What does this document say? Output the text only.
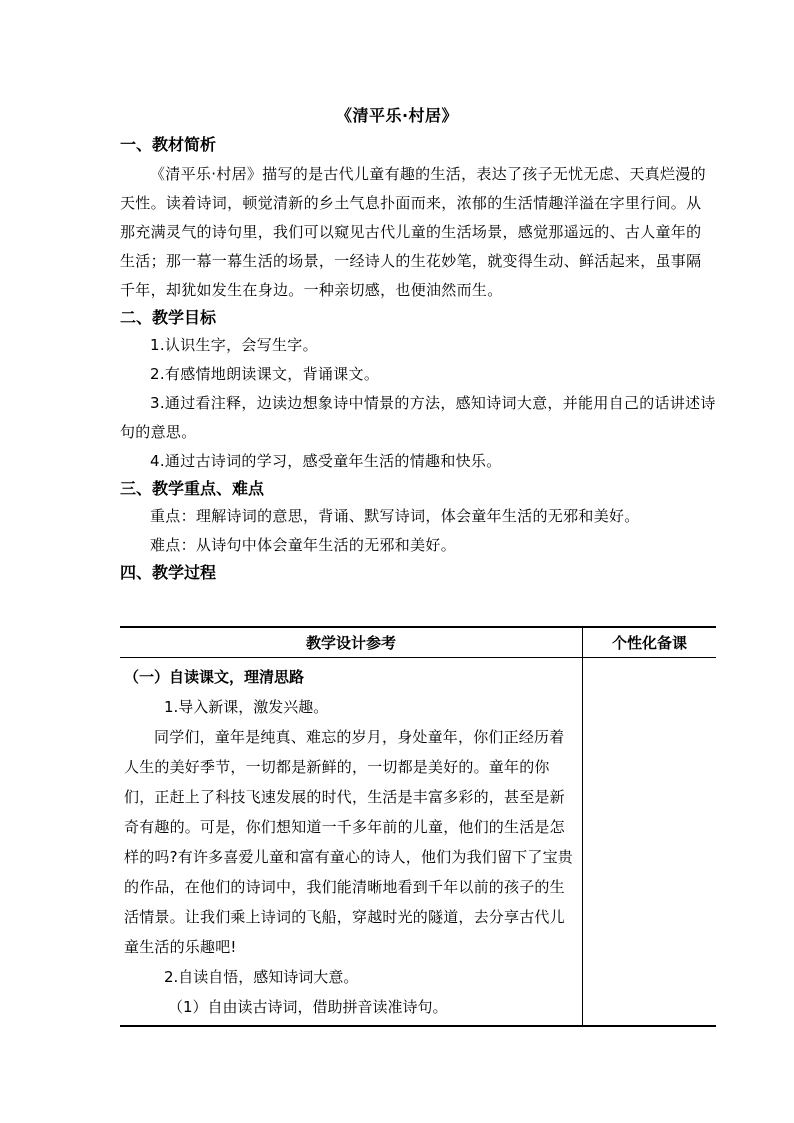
《清平乐·村居》

一、教材简析

《清平乐·村居》描写的是古代儿童有趣的生活，表达了孩子无忧无虑、天真烂漫的天性。读着诗词，顿觉清新的乡土气息扑面而来，浓郁的生活情趣洋溢在字里行间。从那充满灵气的诗句里，我们可以窥见古代儿童的生活场景，感觉那遥远的、古人童年的生活；那一幕一幕生活的场景，一经诗人的生花妙笔，就变得生动、鲜活起来，虽事隔千年，却犹如发生在身边。一种亲切感，也便油然而生。

二、教学目标

1.认识生字，会写生字。

2.有感情地朗读课文，背诵课文。

3.通过看注释，边读边想象诗中情景的方法，感知诗词大意，并能用自己的话讲述诗句的意思。

4.通过古诗词的学习，感受童年生活的情趣和快乐。

三、教学重点、难点

重点：理解诗词的意思，背诵、默写诗词，体会童年生活的无邪和美好。

难点：从诗句中体会童年生活的无邪和美好。

四、教学过程

教学设计参考	个性化备课

（一）自读课文，理清思路

1.导入新课，激发兴趣。

同学们，童年是纯真、难忘的岁月，身处童年，你们正经历着人生的美好季节，一切都是新鲜的，一切都是美好的。童年的你们，正赶上了科技飞速发展的时代，生活是丰富多彩的，甚至是新奇有趣的。可是，你们想知道一千多年前的儿童，他们的生活是怎样的吗?有许多喜爱儿童和富有童心的诗人，他们为我们留下了宝贵的作品，在他们的诗词中，我们能清晰地看到千年以前的孩子的生活情景。让我们乘上诗词的飞船，穿越时光的隧道，去分享古代儿童生活的乐趣吧!

2.自读自悟，感知诗词大意。

（1）自由读古诗词，借助拼音读准诗句。	
